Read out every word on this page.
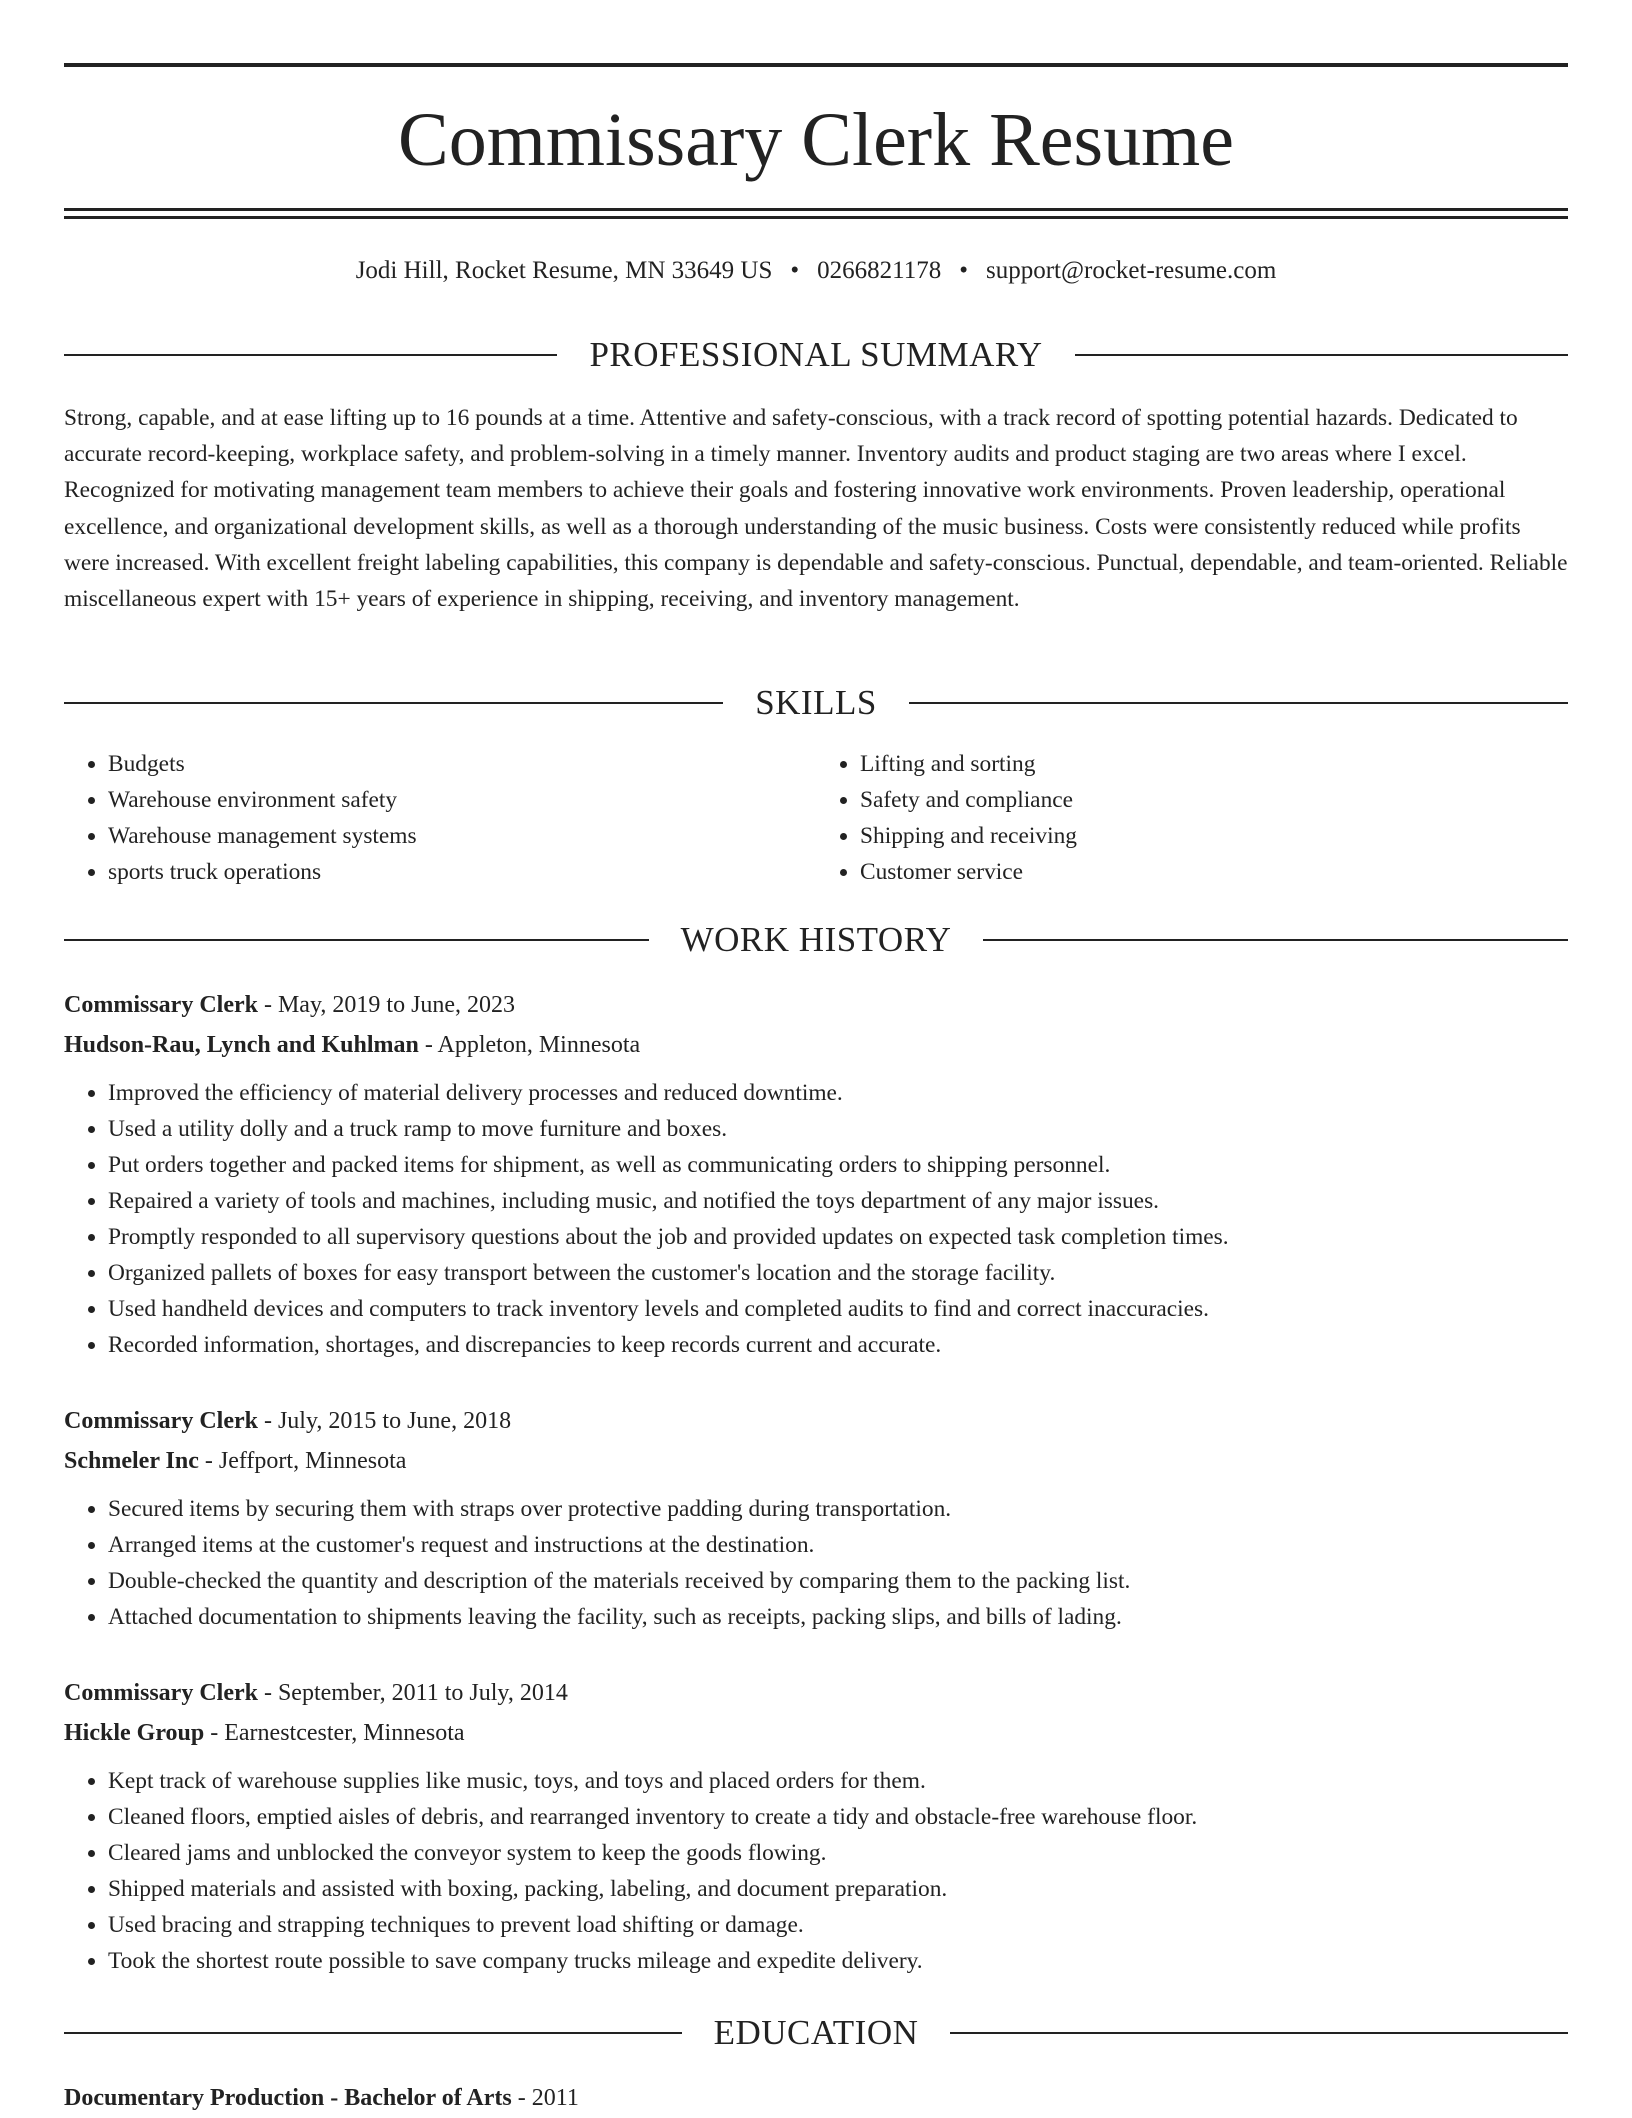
Commissary Clerk Resume
Jodi Hill, Rocket Resume, MN 33649 US • 0266821178 • support@rocket-resume.com
PROFESSIONAL SUMMARY

Strong, capable, and at ease lifting up to 16 pounds at a time. Attentive and safety-conscious, with a track record of spotting potential hazards. Dedicated to accurate record-keeping, workplace safety, and problem-solving in a timely manner. Inventory audits and product staging are two areas where I excel. Recognized for motivating management team members to achieve their goals and fostering innovative work environments. Proven leadership, operational excellence, and organizational development skills, as well as a thorough understanding of the music business. Costs were consistently reduced while profits were increased. With excellent freight labeling capabilities, this company is dependable and safety-conscious. Punctual, dependable, and team-oriented. Reliable miscellaneous expert with 15+ years of experience in shipping, receiving, and inventory management.

SKILLS
• Budgets
• Warehouse environment safety
• Warehouse management systems
• sports truck operations
• Lifting and sorting
• Safety and compliance
• Shipping and receiving
• Customer service
WORK HISTORY
Commissary Clerk - May, 2019 to June, 2023
Hudson-Rau, Lynch and Kuhlman - Appleton, Minnesota
• Improved the efficiency of material delivery processes and reduced downtime.
• Used a utility dolly and a truck ramp to move furniture and boxes.
• Put orders together and packed items for shipment, as well as communicating orders to shipping personnel.
• Repaired a variety of tools and machines, including music, and notified the toys department of any major issues.
• Promptly responded to all supervisory questions about the job and provided updates on expected task completion times.
• Organized pallets of boxes for easy transport between the customer's location and the storage facility.
• Used handheld devices and computers to track inventory levels and completed audits to find and correct inaccuracies.
• Recorded information, shortages, and discrepancies to keep records current and accurate.
Commissary Clerk - July, 2015 to June, 2018
Schmeler Inc - Jeffport, Minnesota
• Secured items by securing them with straps over protective padding during transportation.
• Arranged items at the customer's request and instructions at the destination.
• Double-checked the quantity and description of the materials received by comparing them to the packing list.
• Attached documentation to shipments leaving the facility, such as receipts, packing slips, and bills of lading.
Commissary Clerk - September, 2011 to July, 2014
Hickle Group - Earnestcester, Minnesota
• Kept track of warehouse supplies like music, toys, and toys and placed orders for them.
• Cleaned floors, emptied aisles of debris, and rearranged inventory to create a tidy and obstacle-free warehouse floor.
• Cleared jams and unblocked the conveyor system to keep the goods flowing.
• Shipped materials and assisted with boxing, packing, labeling, and document preparation.
• Used bracing and strapping techniques to prevent load shifting or damage.
• Took the shortest route possible to save company trucks mileage and expedite delivery.
EDUCATION
Documentary Production - Bachelor of Arts - 2011
